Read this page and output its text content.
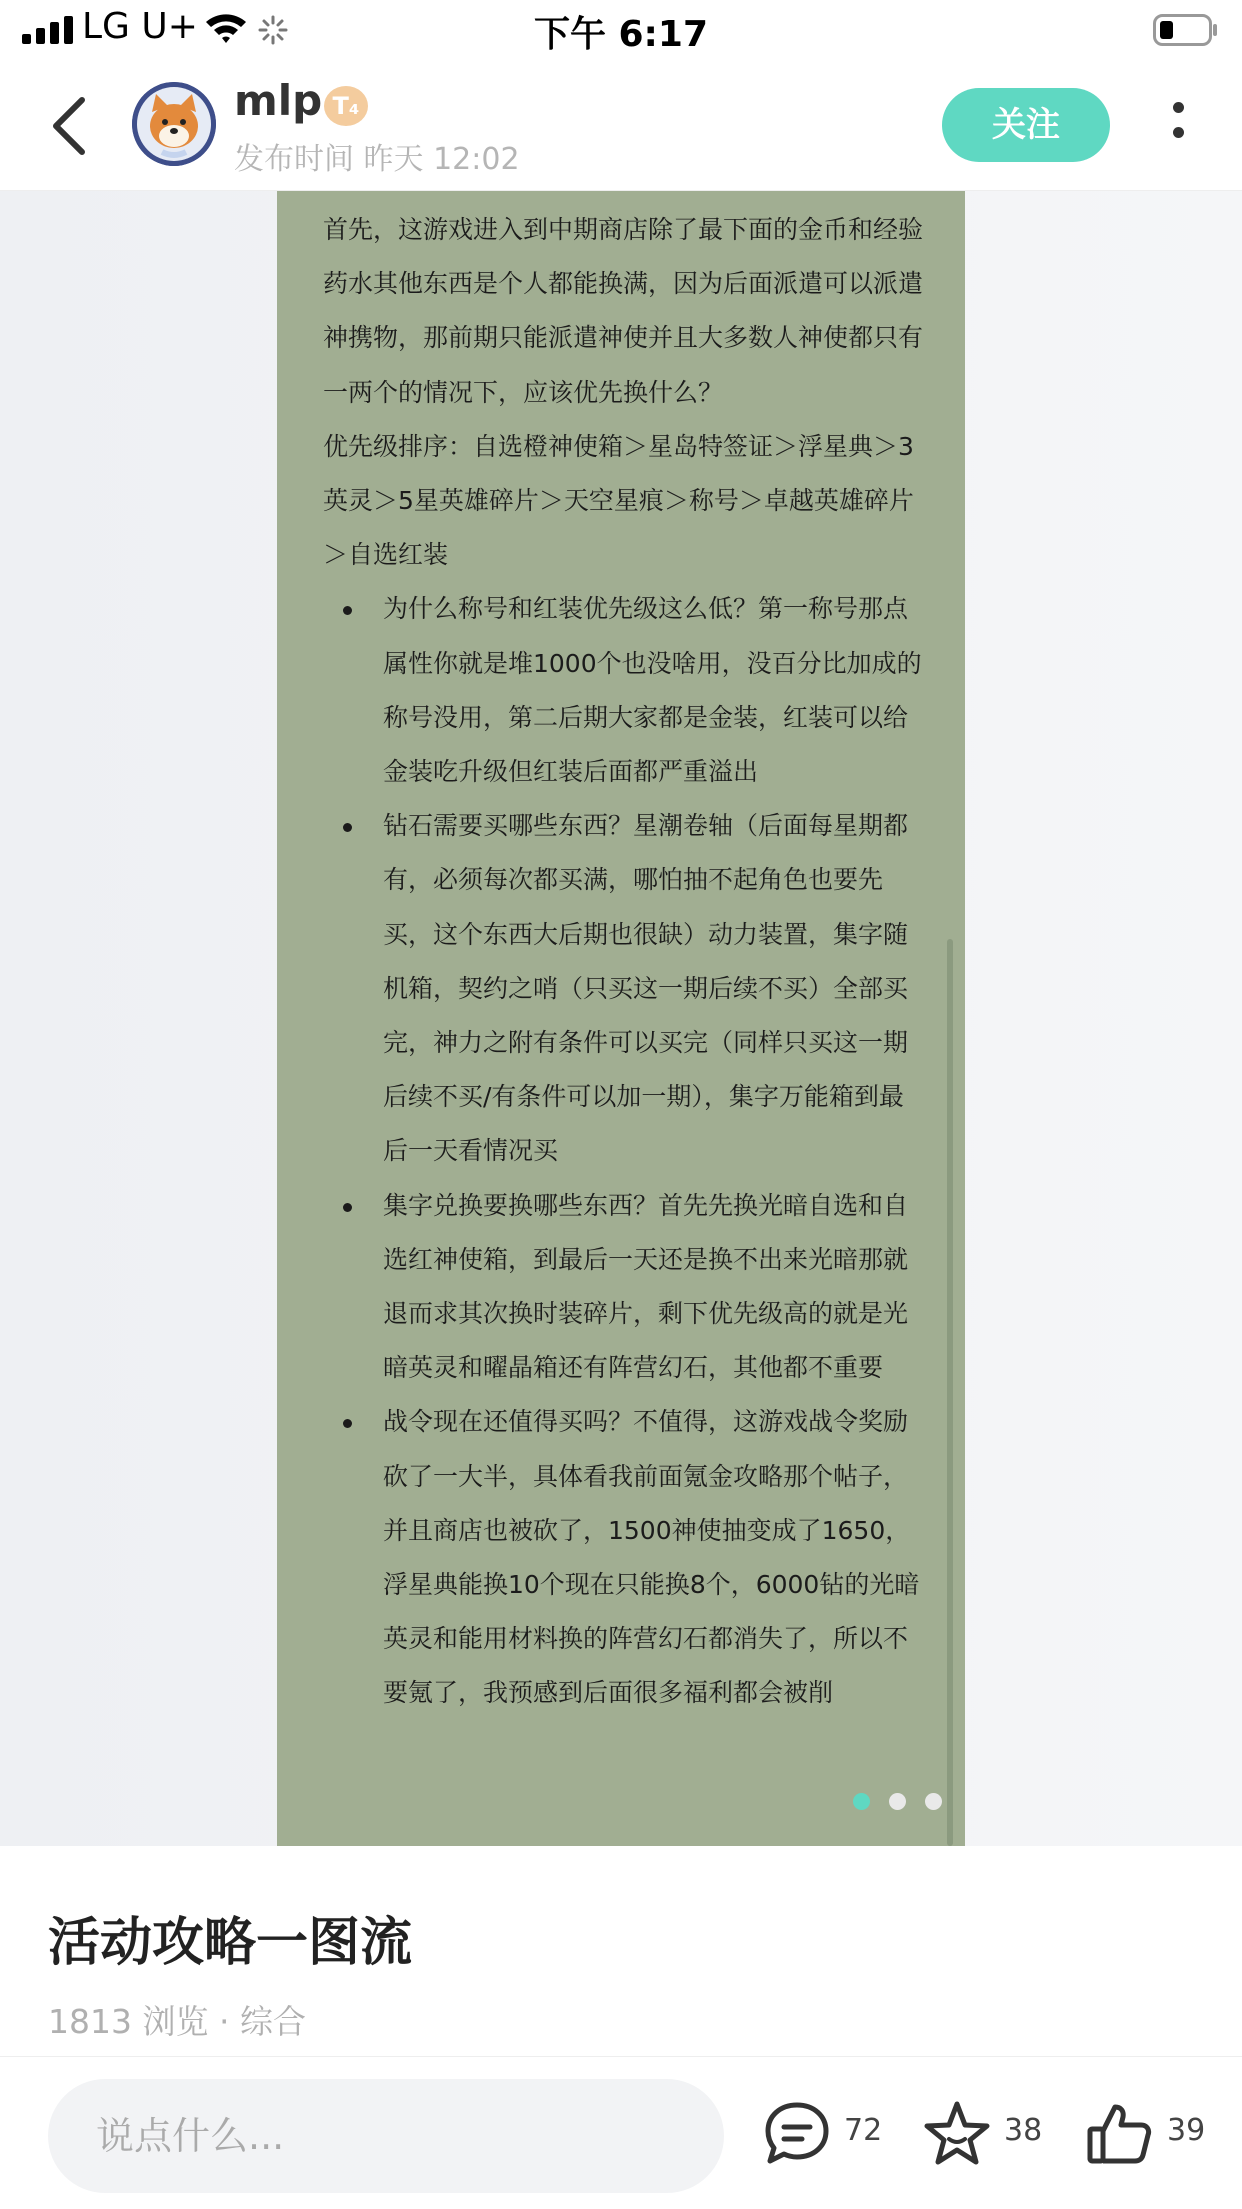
LG U+	下午 6:17
mlp T₄
发布时间 昨天 12:02
关注

首先，这游戏进入到中期商店除了最下面的金币和经验药水其他东西是个人都能换满，因为后面派遣可以派遣神携物，那前期只能派遣神使并且大多数人神使都只有一两个的情况下，应该优先换什么？

优先级排序：自选橙神使箱＞星岛特签证＞浮星典＞3英灵＞5星英雄碎片＞天空星痕＞称号＞卓越英雄碎片＞自选红装

为什么称号和红装优先级这么低？第一称号那点属性你就是堆1000个也没啥用，没百分比加成的称号没用，第二后期大家都是金装，红装可以给金装吃升级但红装后面都严重溢出
钻石需要买哪些东西？星潮卷轴（后面每星期都有，必须每次都买满，哪怕抽不起角色也要先买，这个东西大后期也很缺）动力装置，集字随机箱，契约之哨（只买这一期后续不买）全部买完，神力之附有条件可以买完（同样只买这一期后续不买/有条件可以加一期），集字万能箱到最后一天看情况买
集字兑换要换哪些东西？首先先换光暗自选和自选红神使箱，到最后一天还是换不出来光暗那就退而求其次换时装碎片，剩下优先级高的就是光暗英灵和曜晶箱还有阵营幻石，其他都不重要
战令现在还值得买吗？不值得，这游戏战令奖励砍了一大半，具体看我前面氪金攻略那个帖子，并且商店也被砍了，1500神使抽变成了1650，浮星典能换10个现在只能换8个，6000钻的光暗英灵和能用材料换的阵营幻石都消失了，所以不要氪了，我预感到后面很多福利都会被削
活动攻略一图流
1813 浏览 · 综合
说点什么...	72	38	39
